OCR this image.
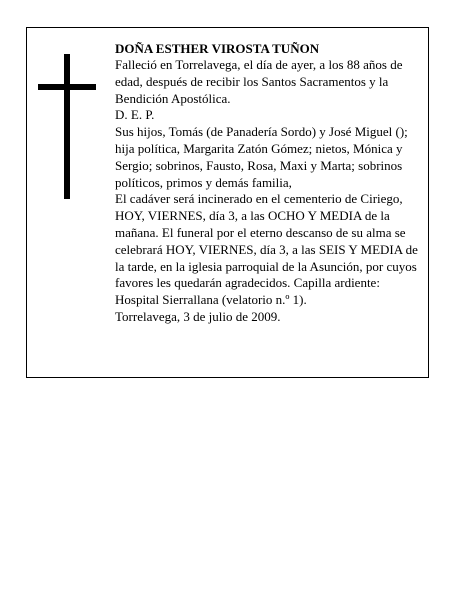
DOÑA ESTHER VIROSTA TUÑON

Falleció en Torrelavega, el día de ayer, a los 88 años de edad, después de recibir los Santos Sacramentos y la Bendición Apostólica.

D. E. P.

Sus hijos, Tomás (de Panadería Sordo) y José Miguel (); hija política, Margarita Zatón Gómez; nietos, Mónica y Sergio; sobrinos, Fausto, Rosa, Maxi y Marta; sobrinos políticos, primos y demás familia,

El cadáver será incinerado en el cementerio de Ciriego, HOY, VIERNES, día 3, a las OCHO Y MEDIA de la mañana. El funeral por el eterno descanso de su alma se celebrará HOY, VIERNES, día 3, a las SEIS Y MEDIA de la tarde, en la iglesia parroquial de la Asunción, por cuyos favores les quedarán agradecidos. Capilla ardiente: Hospital Sierrallana (velatorio n.º 1).

Torrelavega, 3 de julio de 2009.
